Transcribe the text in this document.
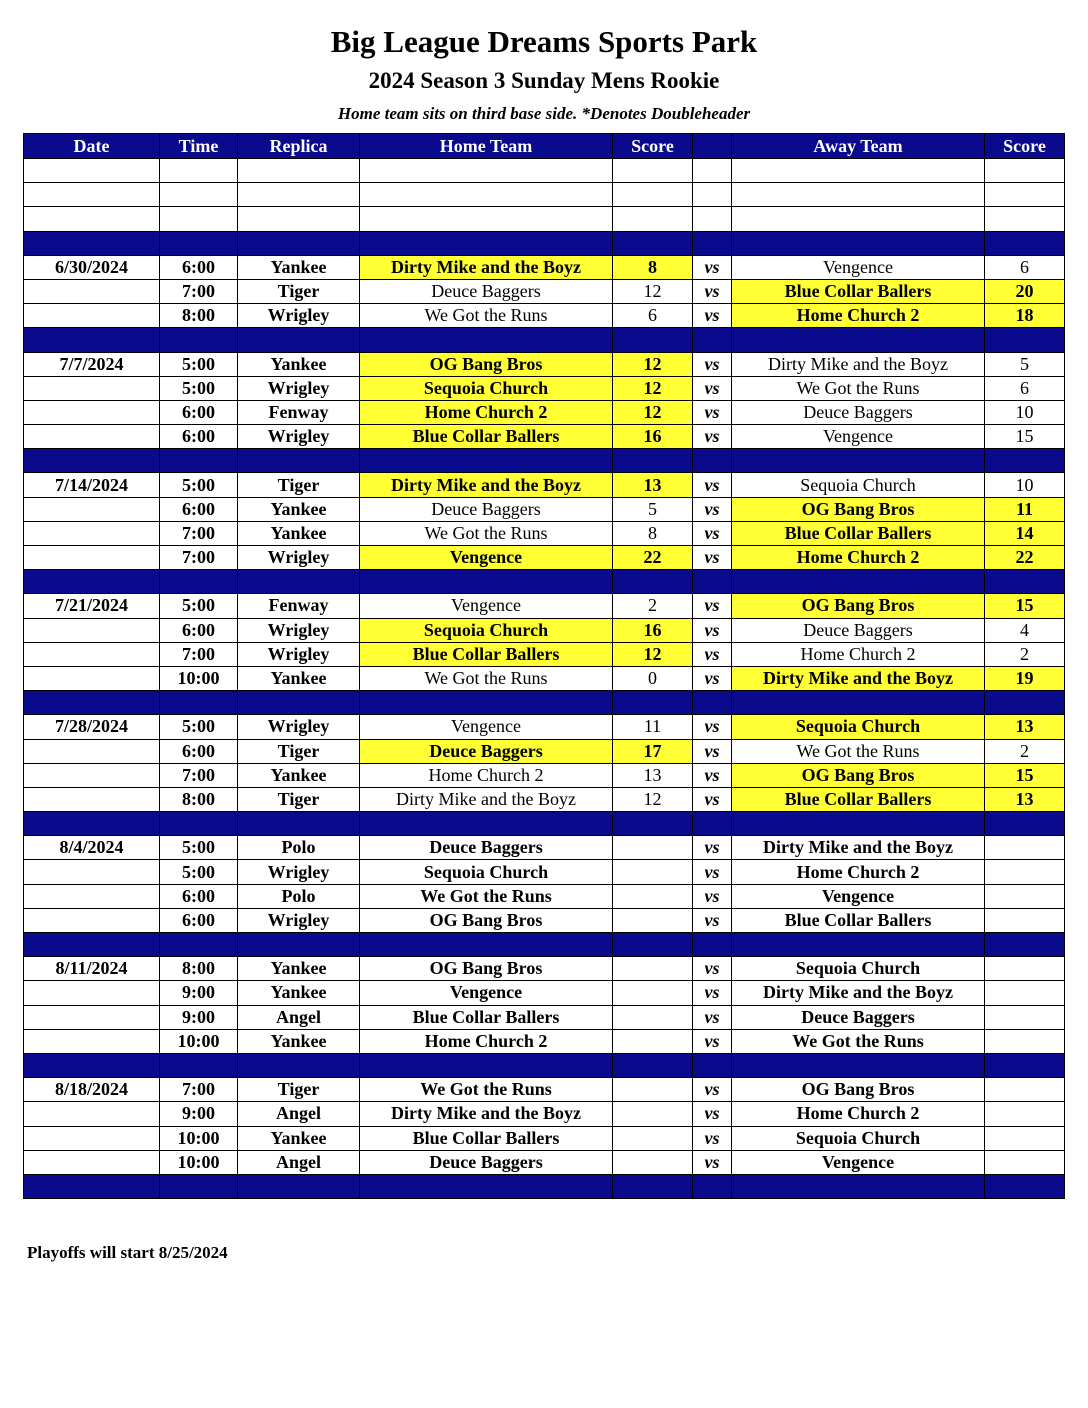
Big League Dreams Sports Park
2024 Season 3 Sunday Mens Rookie
Home team sits on third base side. *Denotes Doubleheader
Date	Time	Replica	Home Team	Score		Away Team	Score

6/30/2024	6:00	Yankee	Dirty Mike and the Boyz	8	vs	Vengence	6
	7:00	Tiger	Deuce Baggers	12	vs	Blue Collar Ballers	20
	8:00	Wrigley	We Got the Runs	6	vs	Home Church 2	18

7/7/2024	5:00	Yankee	OG Bang Bros	12	vs	Dirty Mike and the Boyz	5
	5:00	Wrigley	Sequoia Church	12	vs	We Got the Runs	6
	6:00	Fenway	Home Church 2	12	vs	Deuce Baggers	10
	6:00	Wrigley	Blue Collar Ballers	16	vs	Vengence	15

7/14/2024	5:00	Tiger	Dirty Mike and the Boyz	13	vs	Sequoia Church	10
	6:00	Yankee	Deuce Baggers	5	vs	OG Bang Bros	11
	7:00	Yankee	We Got the Runs	8	vs	Blue Collar Ballers	14
	7:00	Wrigley	Vengence	22	vs	Home Church 2	22

7/21/2024	5:00	Fenway	Vengence	2	vs	OG Bang Bros	15
	6:00	Wrigley	Sequoia Church	16	vs	Deuce Baggers	4
	7:00	Wrigley	Blue Collar Ballers	12	vs	Home Church 2	2
	10:00	Yankee	We Got the Runs	0	vs	Dirty Mike and the Boyz	19

7/28/2024	5:00	Wrigley	Vengence	11	vs	Sequoia Church	13
	6:00	Tiger	Deuce Baggers	17	vs	We Got the Runs	2
	7:00	Yankee	Home Church 2	13	vs	OG Bang Bros	15
	8:00	Tiger	Dirty Mike and the Boyz	12	vs	Blue Collar Ballers	13

8/4/2024	5:00	Polo	Deuce Baggers		vs	Dirty Mike and the Boyz	
	5:00	Wrigley	Sequoia Church		vs	Home Church 2	
	6:00	Polo	We Got the Runs		vs	Vengence	
	6:00	Wrigley	OG Bang Bros		vs	Blue Collar Ballers	

8/11/2024	8:00	Yankee	OG Bang Bros		vs	Sequoia Church	
	9:00	Yankee	Vengence		vs	Dirty Mike and the Boyz	
	9:00	Angel	Blue Collar Ballers		vs	Deuce Baggers	
	10:00	Yankee	Home Church 2		vs	We Got the Runs	

8/18/2024	7:00	Tiger	We Got the Runs		vs	OG Bang Bros	
	9:00	Angel	Dirty Mike and the Boyz		vs	Home Church 2	
	10:00	Yankee	Blue Collar Ballers		vs	Sequoia Church	
	10:00	Angel	Deuce Baggers		vs	Vengence	

Playoffs will start 8/25/2024
